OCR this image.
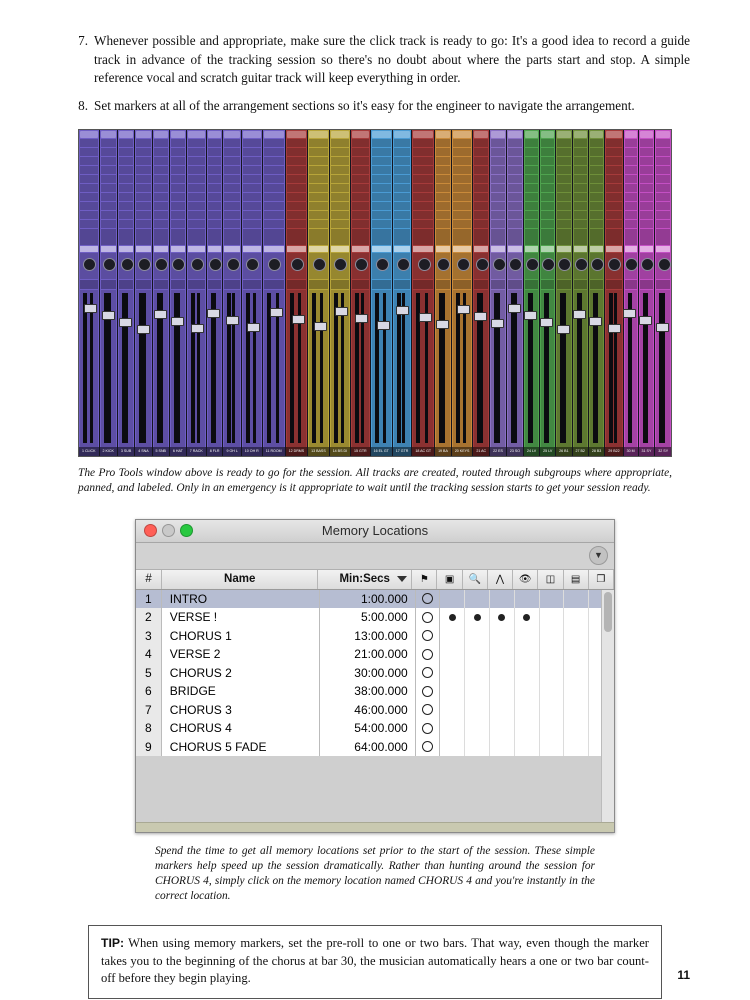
7. Whenever possible and appropriate, make sure the click track is ready to go: It's a good idea to record a guide track in advance of the tracking session so there's no doubt about where the parts start and stop. A simple reference vocal and scratch guitar track will keep everything in order.
8. Set markers at all of the arrangement sections so it's easy for the engineer to navigate the arrangement.
1 CLICK	2 KICK	3 SUB	4 SNA	5 SNB	6 HAT	7 RACK	8 FLR	9 OH L	10 OH R	11 ROOM	12 DRMS	13 BASS	14 BS DI	15 GTR	16 EL GT	17 GTR	18 AC GT	19 BA	20 KEYS	21 AC	22 ES	23 SO	24 LV	25 LV	26 B1	27 B2	28 B3	29 B22	30 M	31 SY	32 SY
The Pro Tools window above is ready to go for the session. All tracks are created, routed through subgroups where appropriate, panned, and labeled. Only in an emergency is it appropriate to wait until the tracking session starts to get your session ready.
Memory Locations
▼
#	Name	Min:Secs	⚑	▣	🔍	⋀	👁	◫	▤	❐
1	INTRO	1:00.000
2	VERSE !	5:00.000
3	CHORUS 1	13:00.000
4	VERSE 2	21:00.000
5	CHORUS 2	30:00.000
6	BRIDGE	38:00.000
7	CHORUS 3	46:00.000
8	CHORUS 4	54:00.000
9	CHORUS 5 FADE	64:00.000
Spend the time to get all memory locations set prior to the start of the session. These simple markers help speed up the session dramatically. Rather than hunting around the session for CHORUS 4, simply click on the memory location named CHORUS 4 and you're instantly in the correct location.
TIP: When using memory markers, set the pre-roll to one or two bars. That way, even though the marker takes you to the beginning of the chorus at bar 30, the musician automatically hears a one or two bar count-off before they begin playing.	11
